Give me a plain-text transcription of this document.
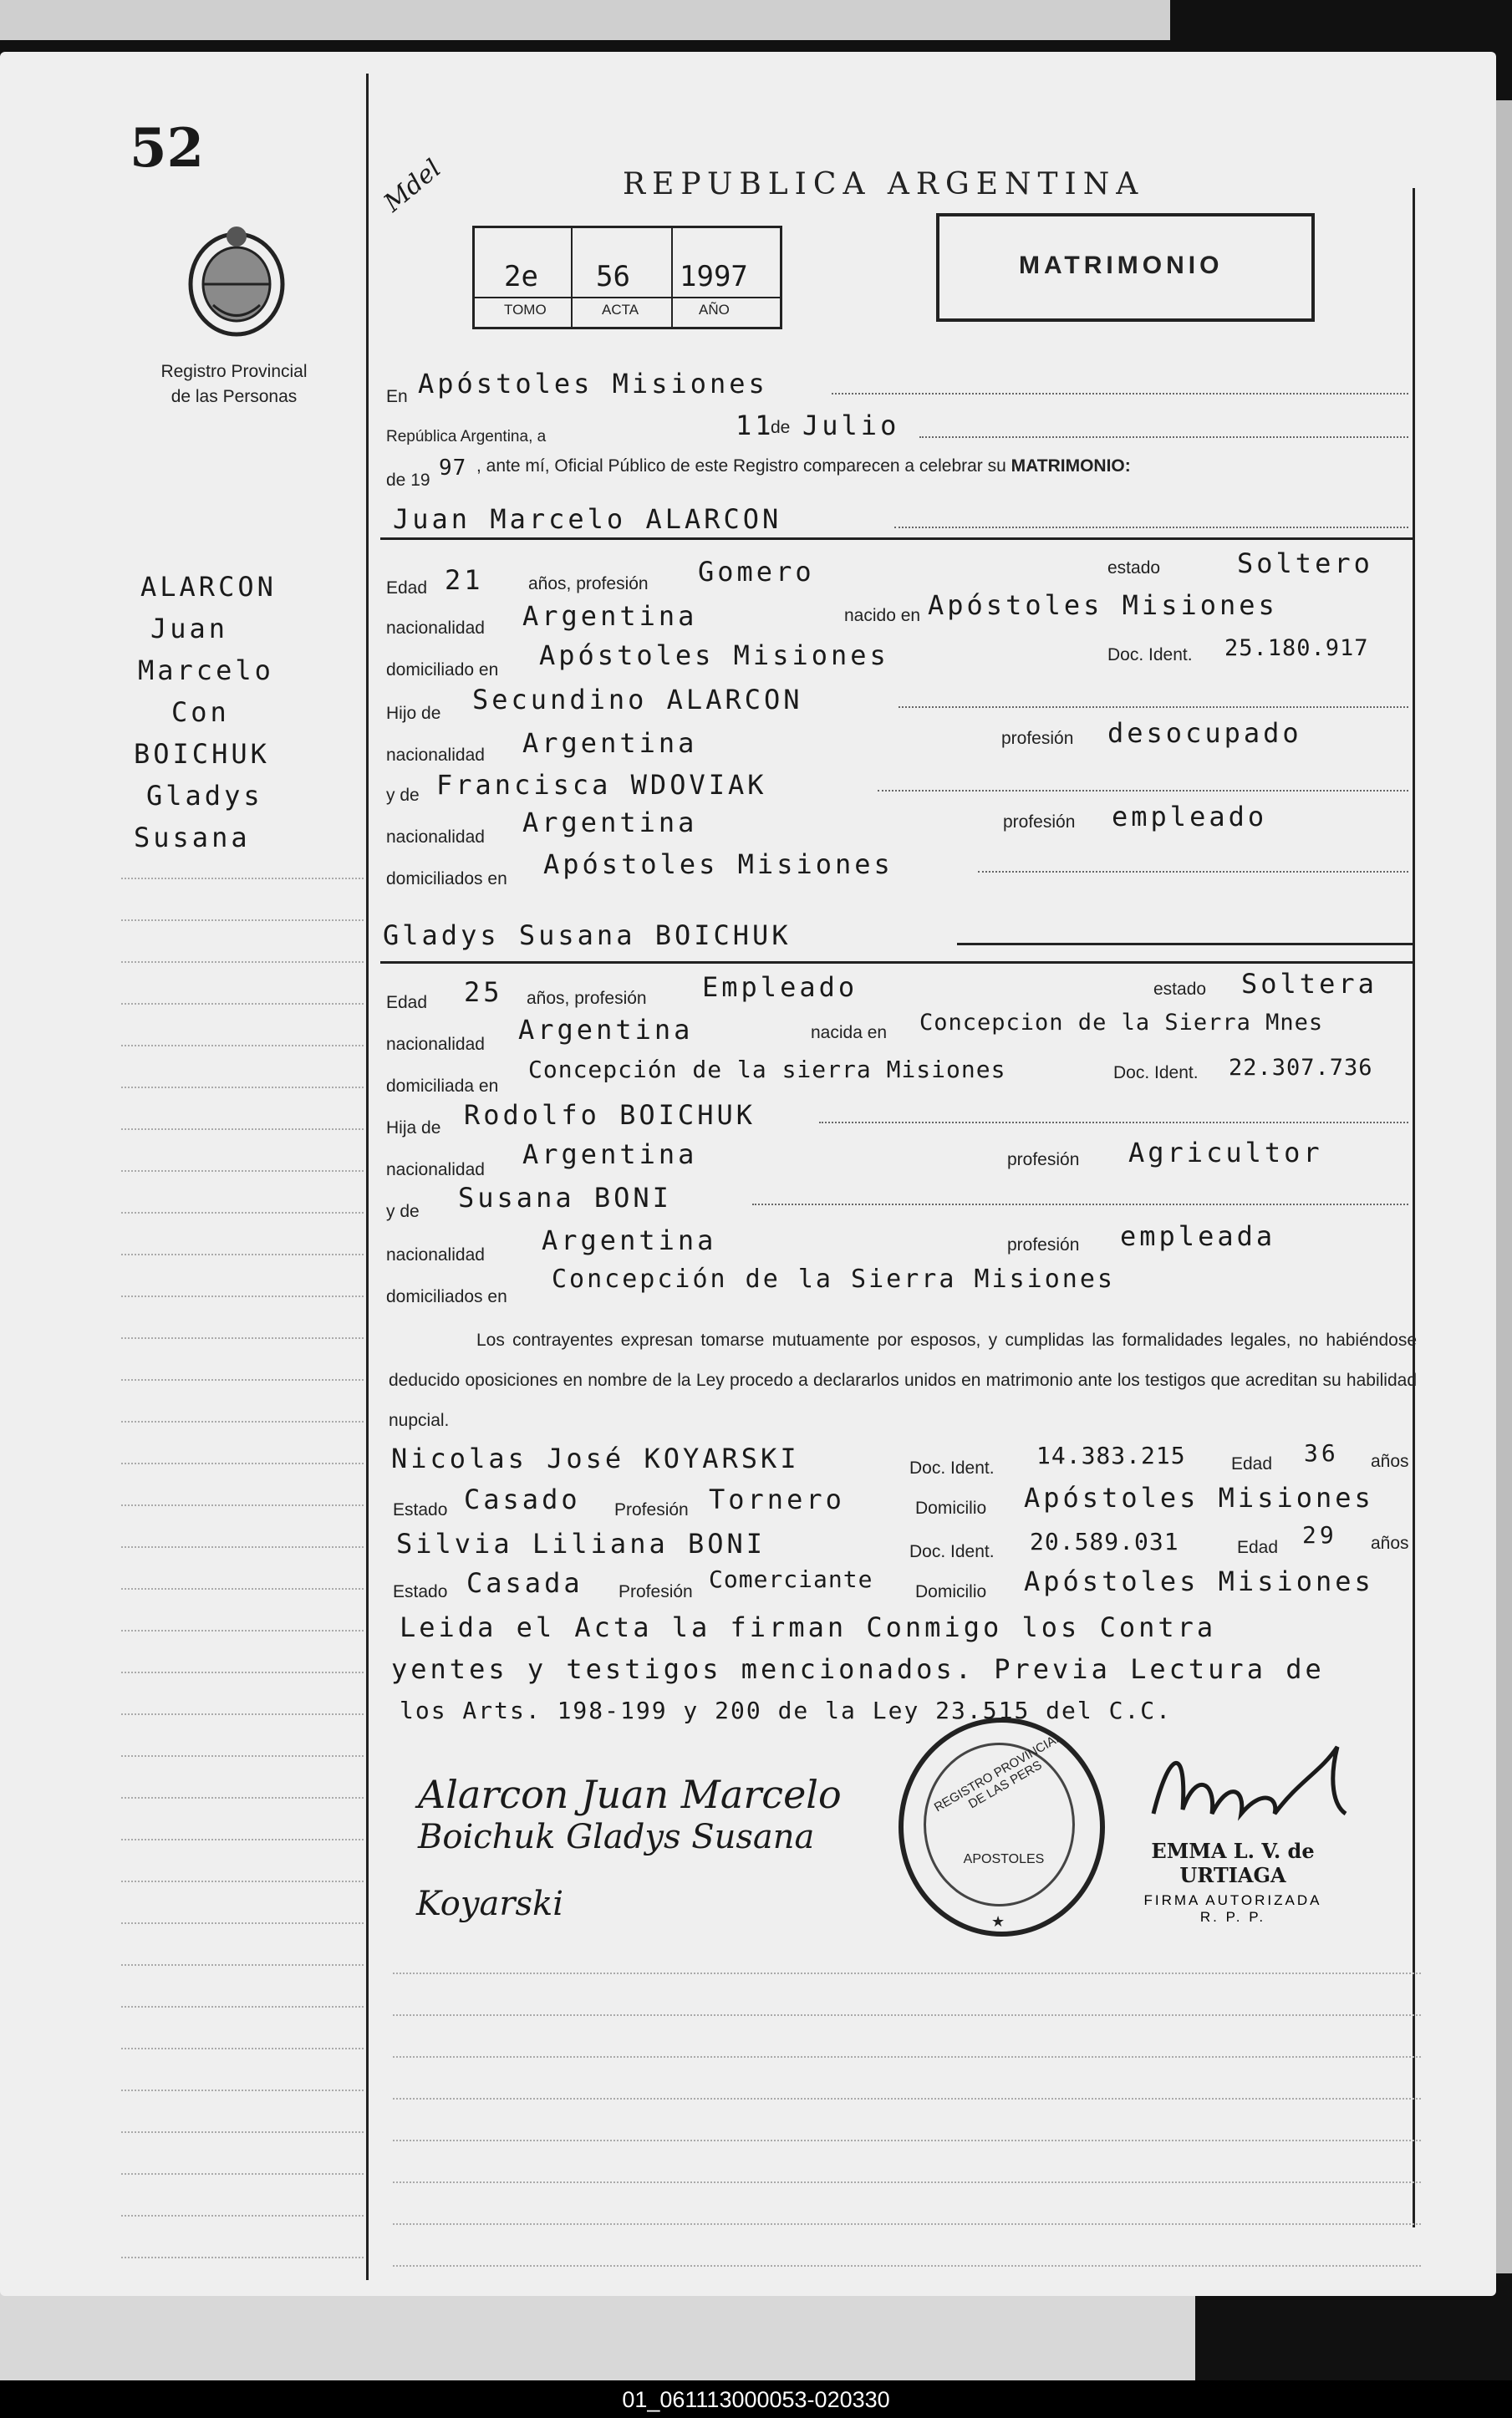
52
Registro Provincial
de las Personas
Mdel
ALARCON
Juan
Marcelo
Con
BOICHUK
Gladys
Susana
REPUBLICA ARGENTINA
2e 56 1997
TOMO	ACTA	AÑO
MATRIMONIO
En Apóstoles Misiones
República Argentina, a	11
de Julio
de 19 97 , ante mí, Oficial Público de este Registro comparecen a celebrar su MATRIMONIO:
Juan Marcelo ALARCON
Edad 21	años, profesión Gomero	estado	Soltero
nacionalidad Argentina	nacido en Apóstoles Misiones
domiciliado en Apóstoles Misiones	Doc. Ident. 25.180.917
Hijo de Secundino ALARCON
nacionalidad Argentina	profesión desocupado
y de Francisca WDOVIAK
nacionalidad Argentina	profesión empleado
domiciliados en Apóstoles Misiones
Gladys Susana BOICHUK
Edad 25 años, profesión Empleado	estado Soltera
nacionalidad Argentina	nacida en Concepcion de la Sierra Mnes
domiciliada en
Concepción de la sierra Misiones	Doc. Ident. 22.307.736
Hija de Rodolfo BOICHUK
nacionalidad Argentina	profesión Agricultor
y de Susana BONI
nacionalidad Argentina	profesión empleada
domiciliados en
Concepción de la Sierra Misiones
Los contrayentes expresan tomarse mutuamente por esposos, y cumplidas las formalidades legales, no habiéndose deducido oposiciones en nombre de la Ley procedo a declararlos unidos en matrimonio ante los testigos que acreditan su habilidad nupcial.
Nicolas José KOYARSKI	Doc. Ident. 14.383.215	Edad 36 años
Estado Casado Profesión Tornero	Domicilio Apóstoles Misiones
Silvia Liliana BONI	Doc. Ident. 20.589.031	Edad 29 años
Estado Casada Profesión Comerciante Domicilio Apóstoles Misiones
Leida el Acta la firman Conmigo los Contra
yentes y testigos mencionados. Previa Lectura de
los Arts. 198-199 y 200 de la Ley 23.515 del C.C.
Alarcon Juan Marcelo
Boichuk Gladys Susana
Koyarski
REGISTRO PROVINCIAL DE LAS PERS
APOSTOLES
★
EMMA L. V. de URTIAGA
FIRMA AUTORIZADA
R. P. P.
01_061113000053-020330
